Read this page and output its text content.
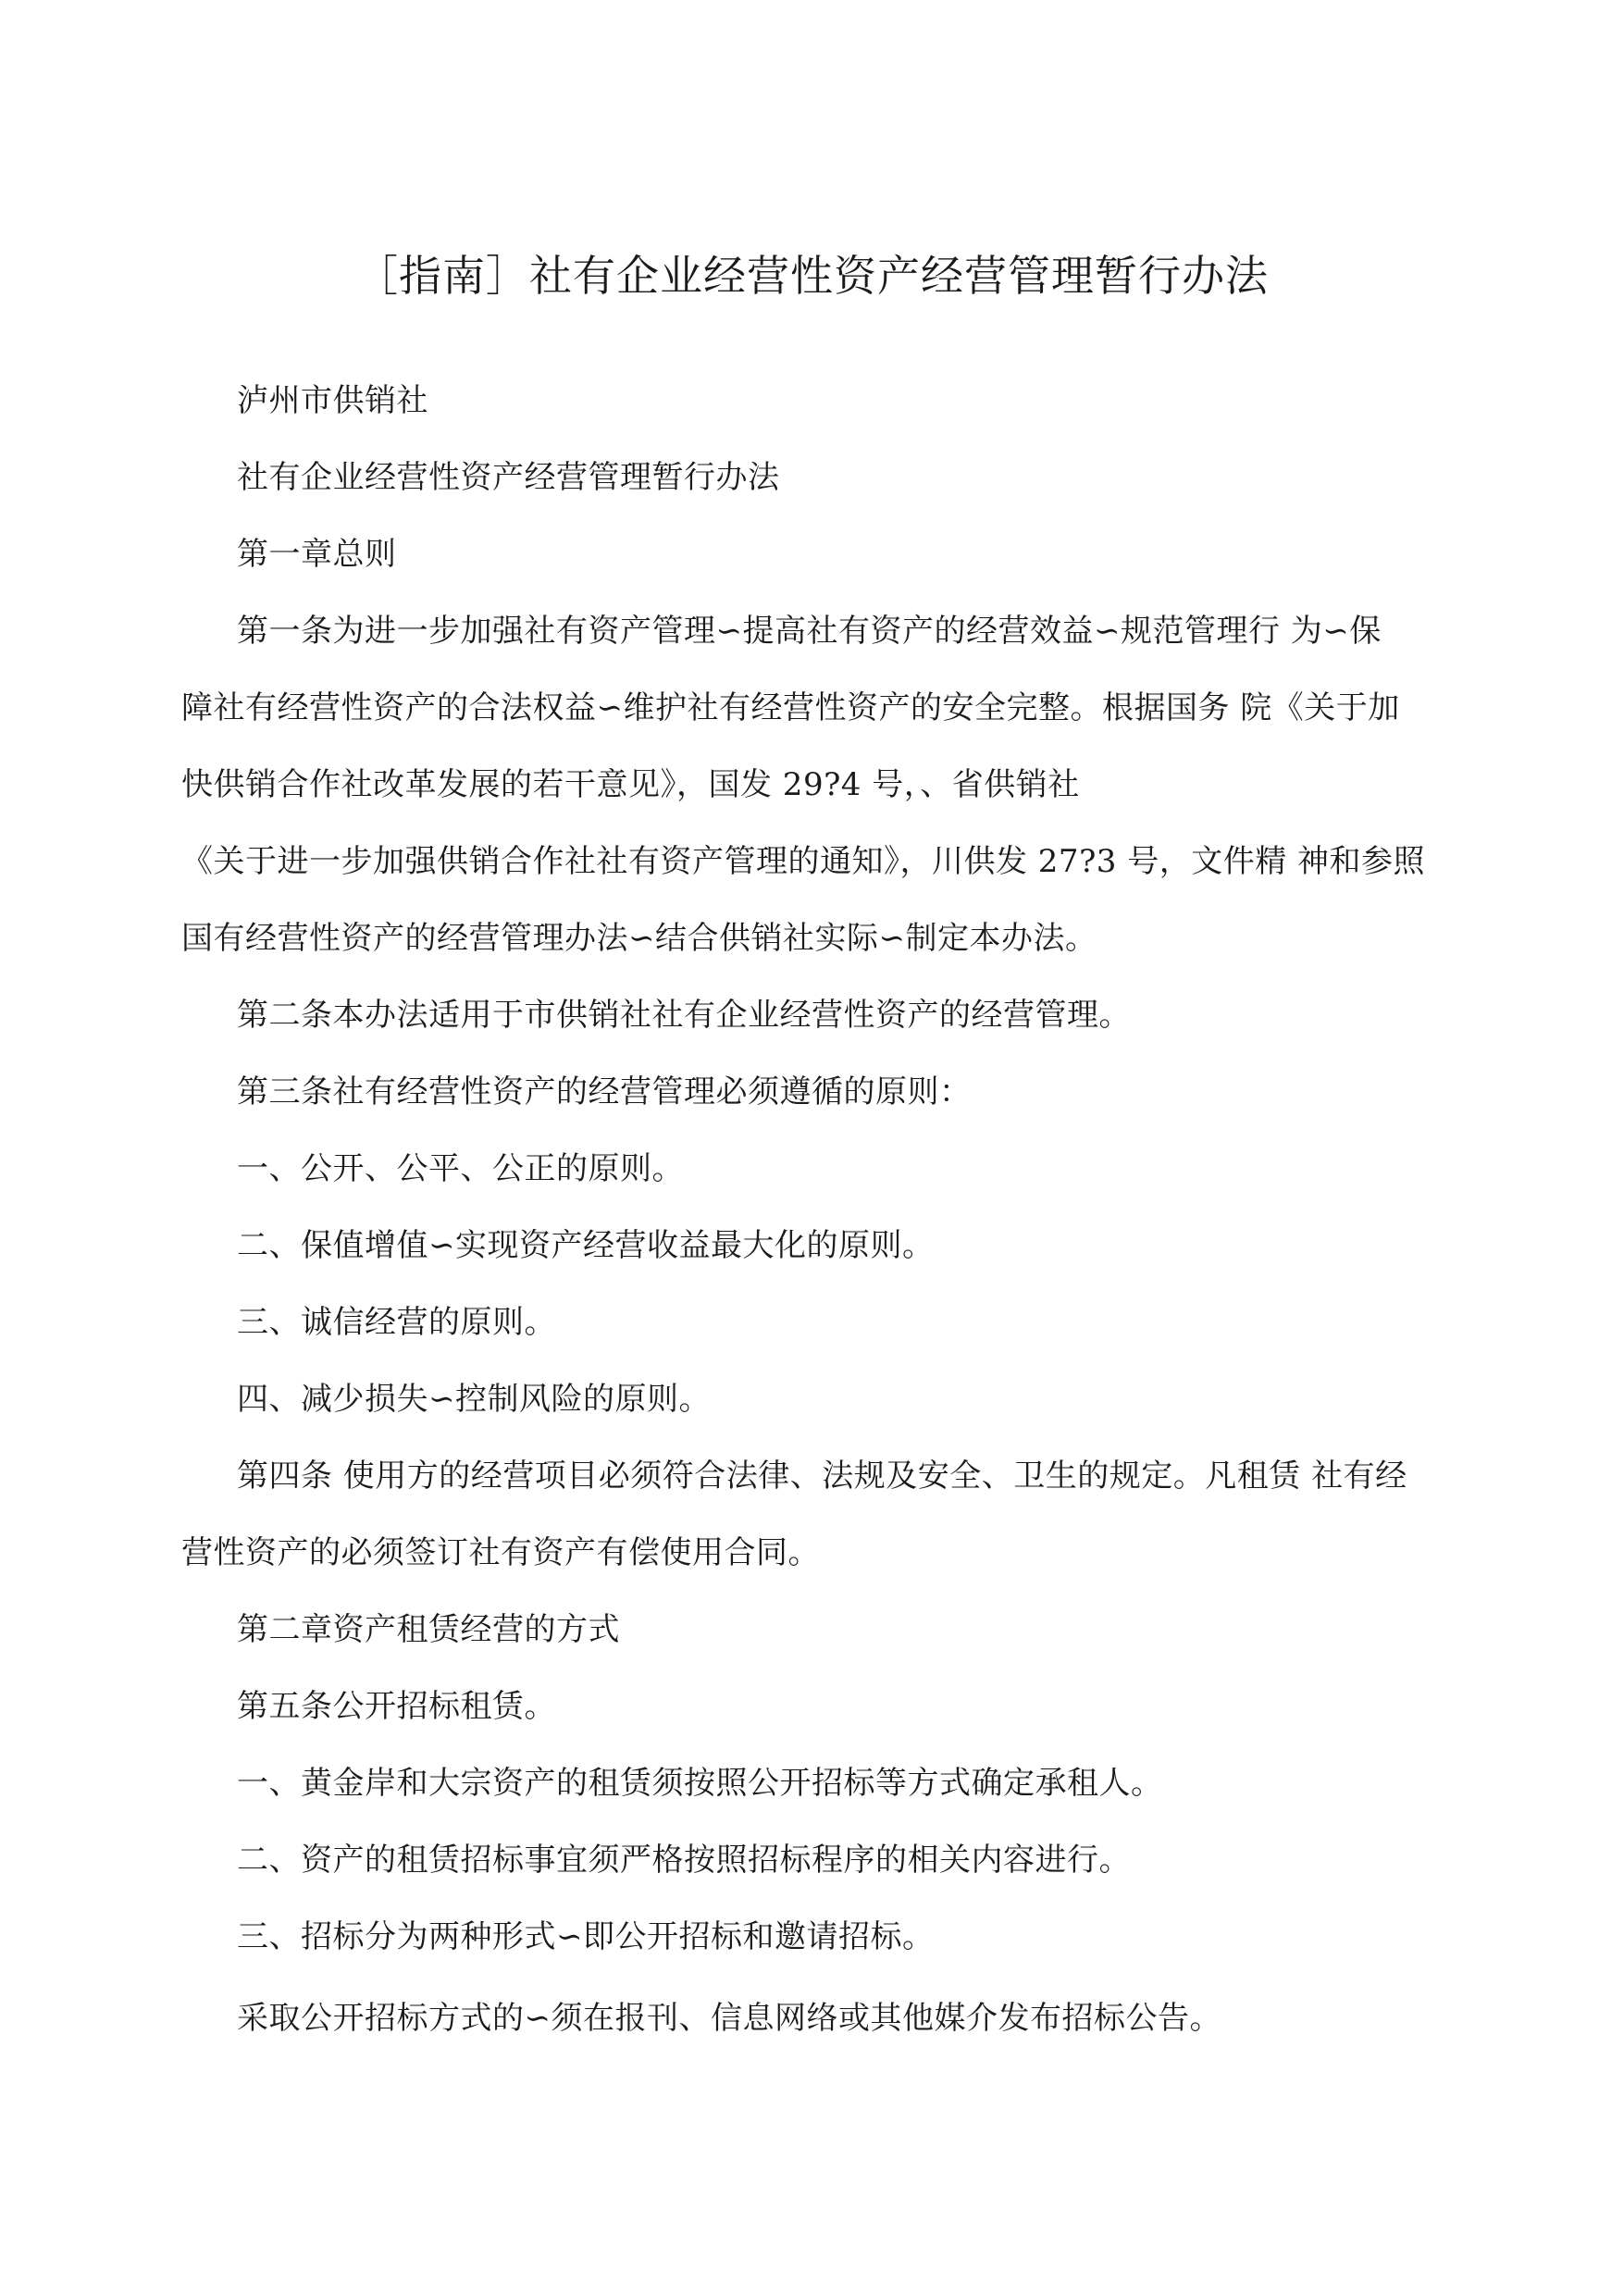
［指南］社有企业经营性资产经营管理暂行办法
泸州市供销社
社有企业经营性资产经营管理暂行办法
第一章总则
第一条为进一步加强社有资产管理∽提高社有资产的经营效益∽规范管理行 为∽保
障社有经营性资产的合法权益∽维护社有经营性资产的安全完整。根据国务 院《关于加
快供销合作社改革发展的若干意见》，国发 29?4 号，、省供销社
《关于进一步加强供销合作社社有资产管理的通知》，川供发 27?3 号，文件精 神和参照
国有经营性资产的经营管理办法∽结合供销社实际∽制定本办法。
第二条本办法适用于市供销社社有企业经营性资产的经营管理。
第三条社有经营性资产的经营管理必须遵循的原则：
一、公开、公平、公正的原则。
二、保值增值∽实现资产经营收益最大化的原则。
三、诚信经营的原则。
四、减少损失∽控制风险的原则。
第四条 使用方的经营项目必须符合法律、法规及安全、卫生的规定。凡租赁 社有经
营性资产的必须签订社有资产有偿使用合同。
第二章资产租赁经营的方式
第五条公开招标租赁。
一、黄金岸和大宗资产的租赁须按照公开招标等方式确定承租人。
二、资产的租赁招标事宜须严格按照招标程序的相关内容进行。
三、招标分为两种形式∽即公开招标和邀请招标。
采取公开招标方式的∽须在报刊、信息网络或其他媒介发布招标公告。
